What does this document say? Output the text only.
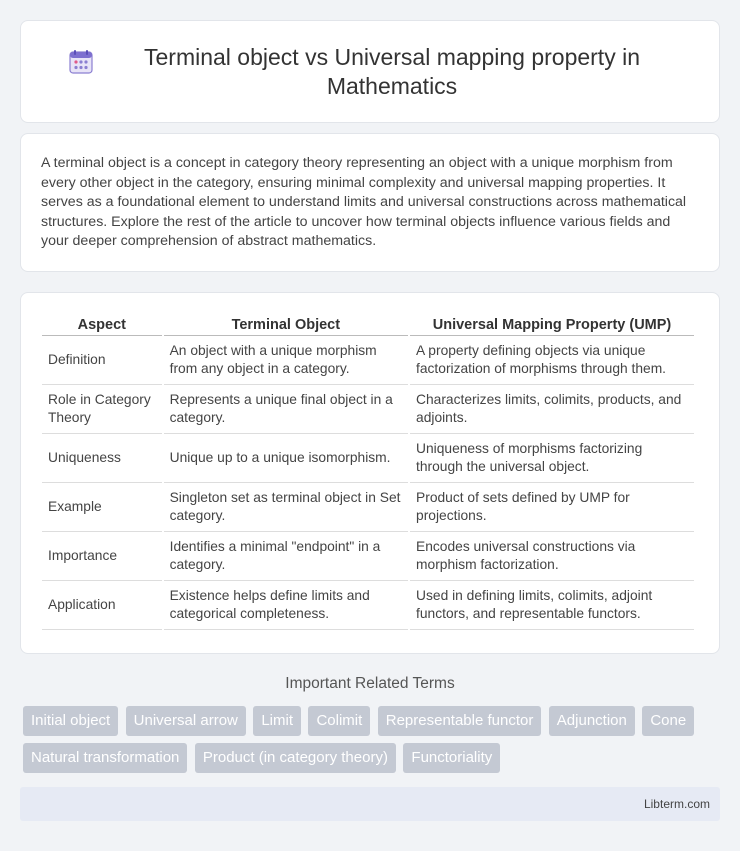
Terminal object vs Universal mapping property in Mathematics

A terminal object is a concept in category theory representing an object with a unique morphism from every other object in the category, ensuring minimal complexity and universal mapping properties. It serves as a foundational element to understand limits and universal constructions across mathematical structures. Explore the rest of the article to uncover how terminal objects influence various fields and your deeper comprehension of abstract mathematics.

Aspect	Terminal Object	Universal Mapping Property (UMP)
Definition	An object with a unique morphism from any object in a category.	A property defining objects via unique factorization of morphisms through them.
Role in Category Theory	Represents a unique final object in a category.	Characterizes limits, colimits, products, and adjoints.
Uniqueness	Unique up to a unique isomorphism.	Uniqueness of morphisms factorizing through the universal object.
Example	Singleton set as terminal object in Set category.	Product of sets defined by UMP for projections.
Importance	Identifies a minimal "endpoint" in a category.	Encodes universal constructions via morphism factorization.
Application	Existence helps define limits and categorical completeness.	Used in defining limits, colimits, adjoint functors, and representable functors.
Important Related Terms
Initial object Universal arrow Limit Colimit Representable functor Adjunction Cone Natural transformation Product (in category theory) Functoriality
Libterm.com
